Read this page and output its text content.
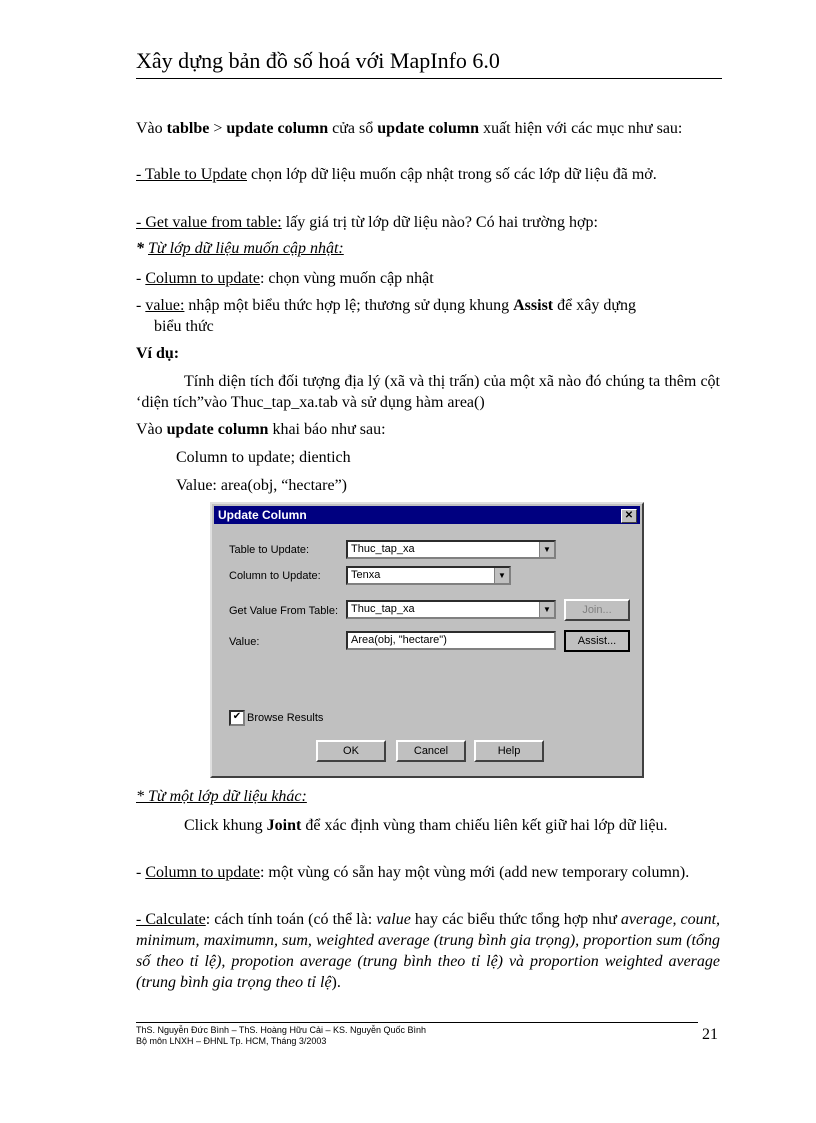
Xây dựng bản đồ số hoá với MapInfo 6.0
Vào tablbe > update column cửa sổ update column xuất hiện với các mục như sau:
- Table to Update chọn lớp dữ liệu muốn cập nhật trong số các lớp dữ liệu đã mở.
- Get value from table: lấy giá trị từ lớp dữ liệu nào? Có hai trường hợp:
* Từ lớp dữ liệu muốn cập nhật:
- Column to update: chọn vùng muốn cập nhật
- value: nhập một biểu thức hợp lệ; thương sử dụng khung Assist để xây dựng
biểu thức
Ví dụ:
Tính diện tích đối tượng địa lý (xã và thị trấn) của một xã nào đó chúng ta thêm cột ‘diện tích”vào Thuc_tap_xa.tab và sử dụng hàm area()
Vào update column khai báo như sau:
Column to update; dientich
Value: area(obj, “hectare”)
Update Column	✕
Table to Update:	Thuc_tap_xa	▼
Column to Update:	Tenxa	▼
Get Value From Table:	Thuc_tap_xa	▼	Join...
Value:	Area(obj, "hectare")	Assist...
✔ Browse Results
OK	Cancel	Help
* Từ một lớp dữ liệu khác:
Click khung Joint để xác định vùng tham chiếu liên kết giữ hai lớp dữ liệu.
- Column to update: một vùng có sẵn hay một vùng mới (add new temporary column).
- Calculate: cách tính toán (có thể là: value hay các biểu thức tổng hợp như average, count, minimum, maximumn, sum, weighted average (trung bình gia trọng), proportion sum (tổng số theo tỉ lệ), propotion average (trung bình theo tỉ lệ) và proportion weighted average (trung bình gia trọng theo tỉ lệ).
ThS. Nguyễn Đức Bình – ThS. Hoàng Hữu Cải – KS. Nguyễn Quốc Bình
Bộ môn LNXH – ĐHNL Tp. HCM, Tháng 3/2003	21
